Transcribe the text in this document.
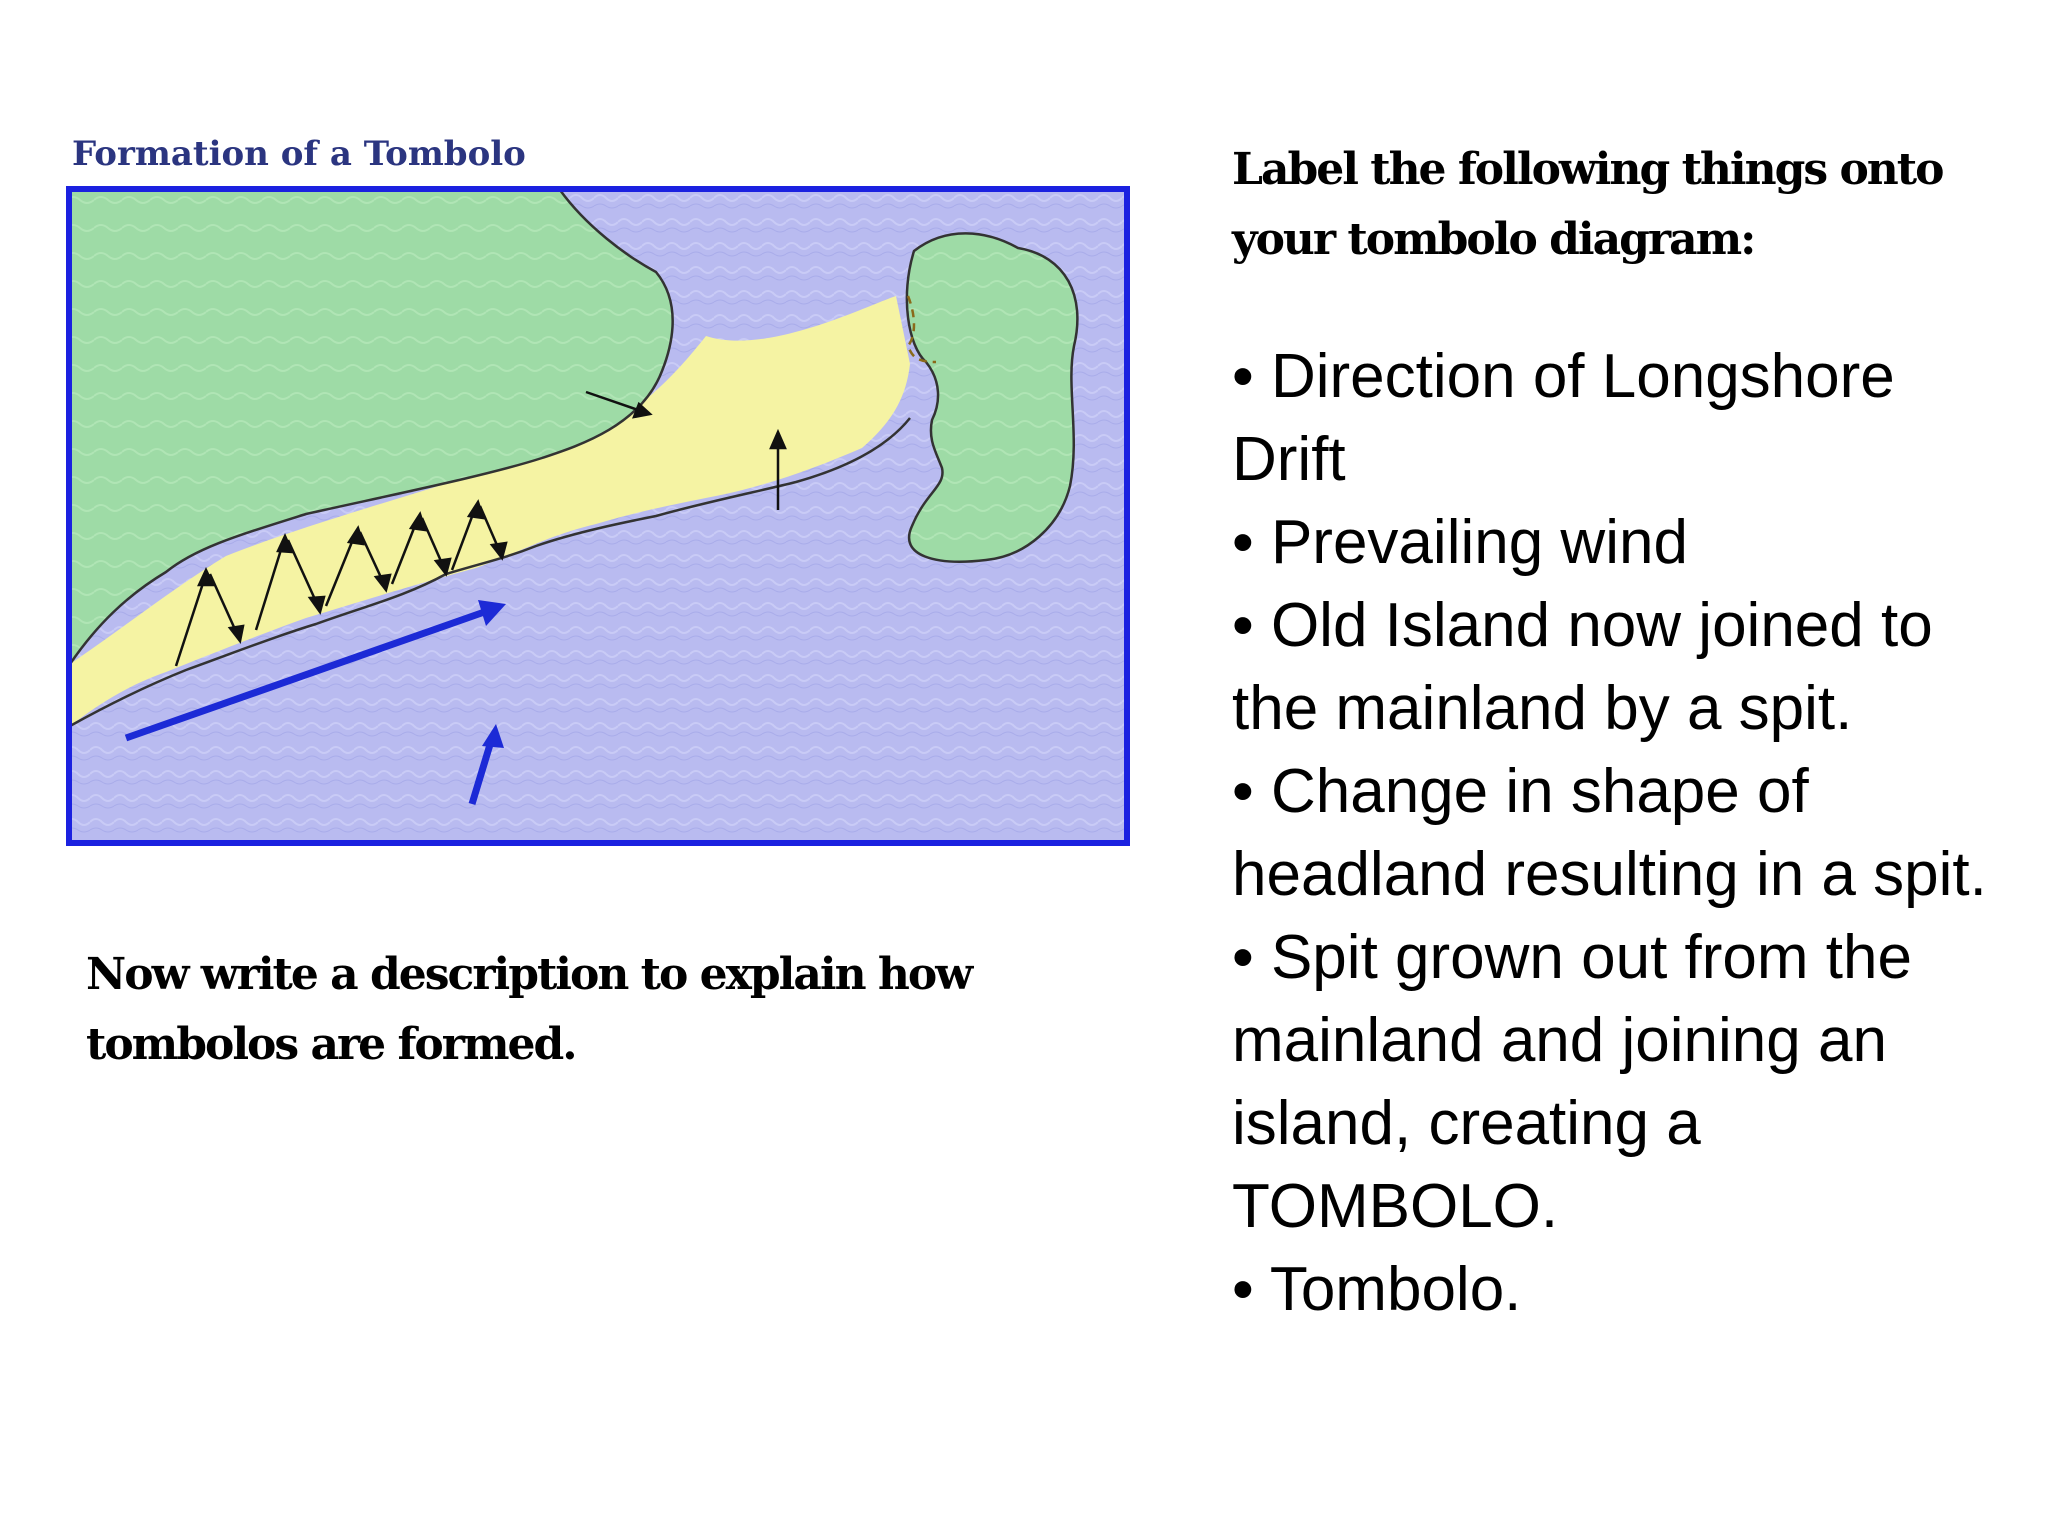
Formation of a Tombolo	Label the following things onto your tombolo diagram:

• Direction of Longshore Drift
• Prevailing wind
• Old Island now joined to the mainland by a spit.
• Change in shape of headland resulting in a spit.
• Spit grown out from the mainland and joining an island, creating a TOMBOLO.
• Tombolo.

Now write a description to explain how tombolos are formed.
